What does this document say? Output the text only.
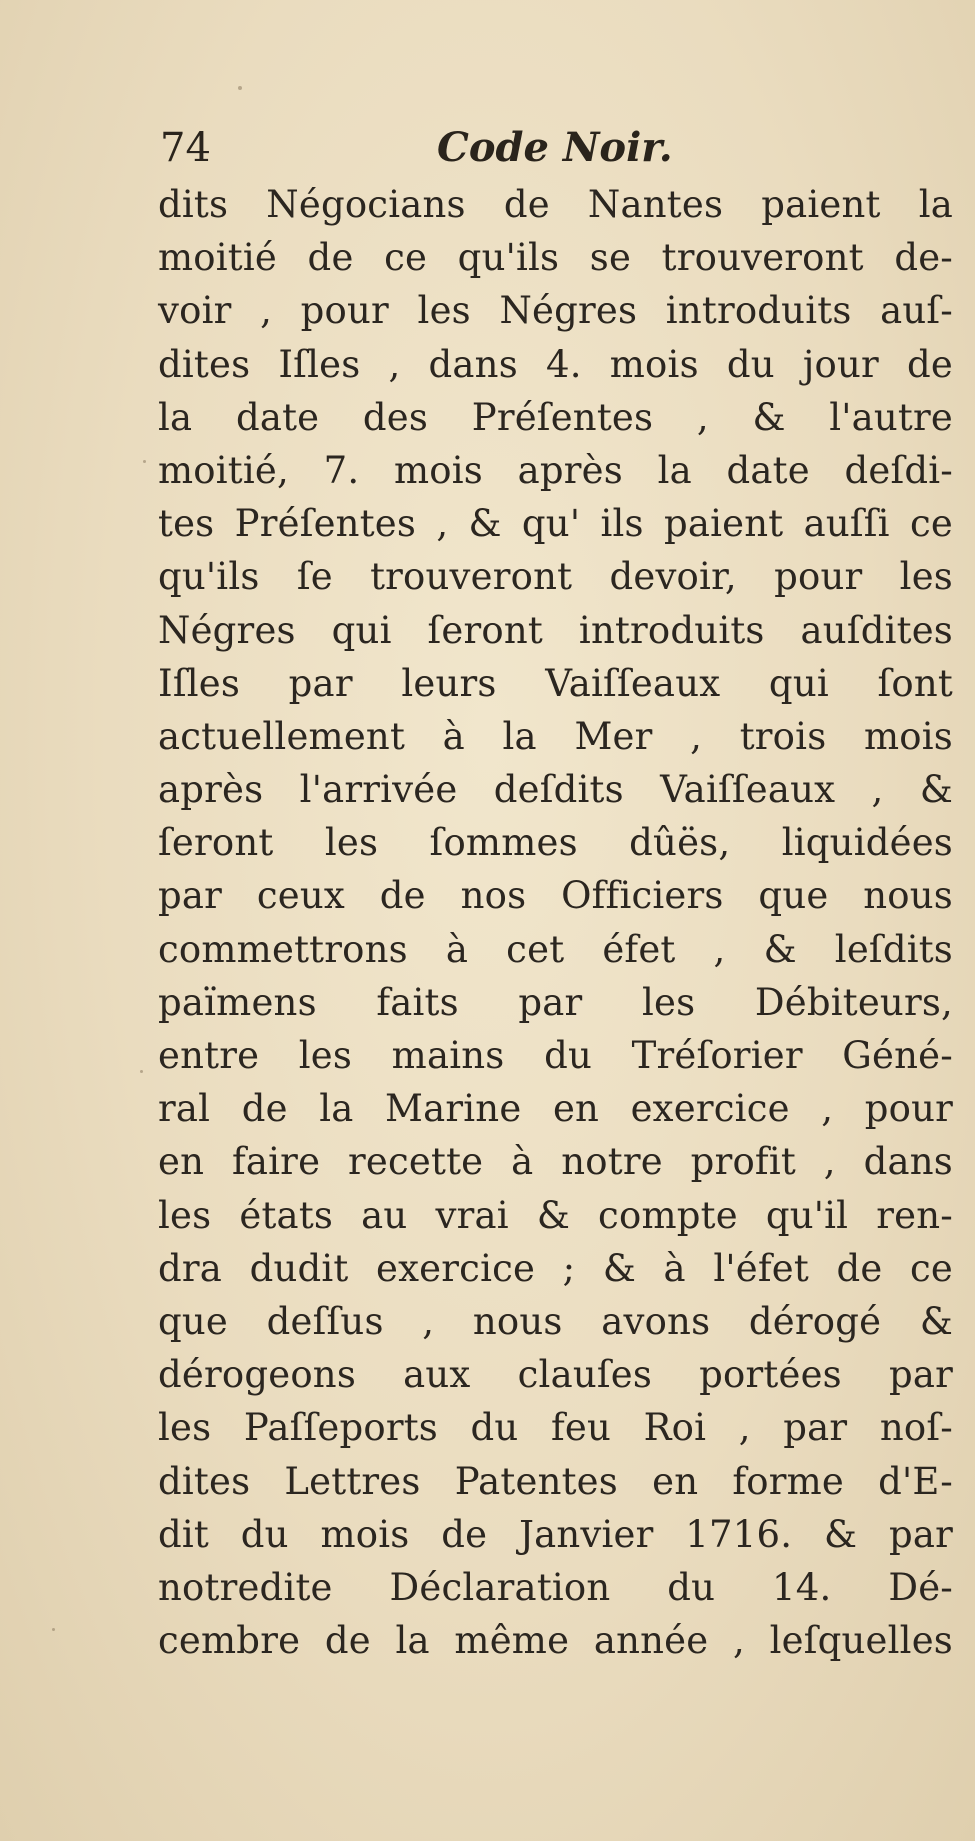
74	Code Noir.
dits Négocians de Nantes paient la
moitié de ce qu'ils se trouveront de-
voir , pour les Négres introduits auſ-
dites Iſles , dans 4. mois du jour de
la date des Préſentes , & l'autre
moitié, 7. mois après la date deſdi-
tes Préſentes , & qu' ils paient auſſi ce
qu'ils ſe trouveront devoir, pour les
Négres qui ſeront introduits auſdites
Iſles par leurs Vaiſſeaux qui ſont
actuellement à la Mer , trois mois
après l'arrivée deſdits Vaiſſeaux , &
ſeront les ſommes dûës, liquidées
par ceux de nos Officiers que nous
commettrons à cet éfet , & leſdits
païmens faits par les Débiteurs,
entre les mains du Tréſorier Géné-
ral de la Marine en exercice , pour
en faire recette à notre profit , dans
les états au vrai & compte qu'il ren-
dra dudit exercice ; & à l'éfet de ce
que deſſus , nous avons dérogé &
dérogeons aux clauſes portées par
les Paſſeports du feu Roi , par noſ-
dites Lettres Patentes en forme d'E-
dit du mois de Janvier 1716. & par
notredite Déclaration du 14. Dé-
cembre de la même année , leſquelles
